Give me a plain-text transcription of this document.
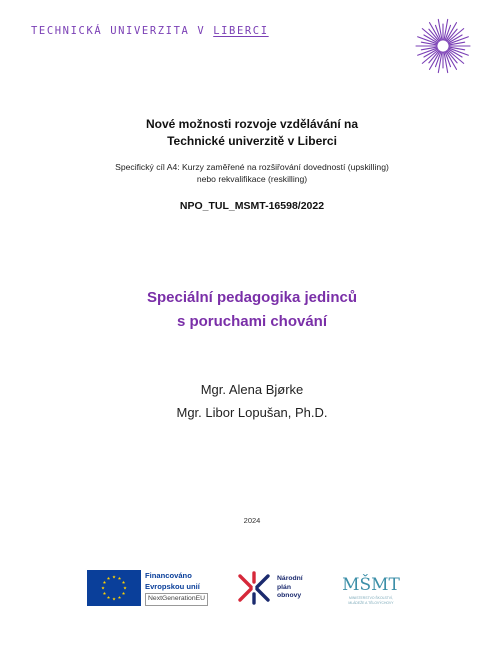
TECHNICKÁ UNIVERZITA V LIBERCI
Nové možnosti rozvoje vzdělávání na
Technické univerzitě v Liberci
Specifický cíl A4: Kurzy zaměřené na rozšiřování dovedností (upskilling)
nebo rekvalifikace (reskilling)
NPO_TUL_MSMT-16598/2022
Speciální pedagogika jedinců
s poruchami chování
Mgr. Alena Bjørke
Mgr. Libor Lopušan, Ph.D.
2024
Financováno
Evropskou unií
NextGenerationEU
Národní
plán
obnovy
MŠMT
MINISTERSTVO ŠKOLSTVÍ,
MLÁDEŽE A TĚLOVÝCHOVY
